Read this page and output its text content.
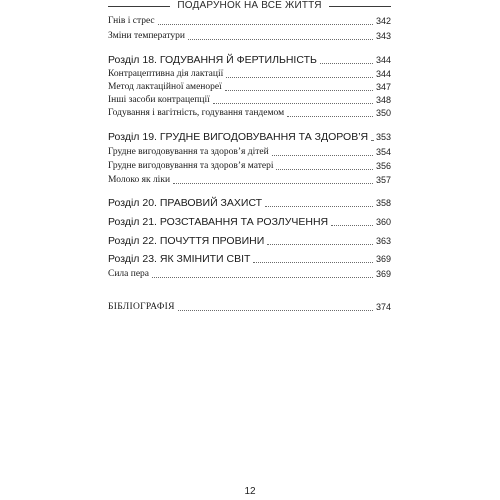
ПОДАРУНОК НА ВСЕ ЖИТТЯ
Гнів і стрес	342
Зміни температури	343
Розділ 18. ГОДУВАННЯ Й ФЕРТИЛЬНІСТЬ	344
Контрацептивна дія лактації	344
Метод лактаційної аменореї	347
Інші засоби контрацепції	348
Годування і вагітність, годування тандемом	350
Розділ 19. ГРУДНЕ ВИГОДОВУВАННЯ ТА ЗДОРОВ’Я 353
Грудне вигодовування та здоров’я дітей	354
Грудне вигодовування та здоров’я матері	356
Молоко як ліки	357
Розділ 20. ПРАВОВИЙ ЗАХИСТ	358
Розділ 21. РОЗСТАВАННЯ ТА РОЗЛУЧЕННЯ	360
Розділ 22. ПОЧУТТЯ ПРОВИНИ	363
Розділ 23. ЯК ЗМІНИТИ СВІТ	369
Сила пера	369
БІБЛІОГРАФІЯ	374
12
